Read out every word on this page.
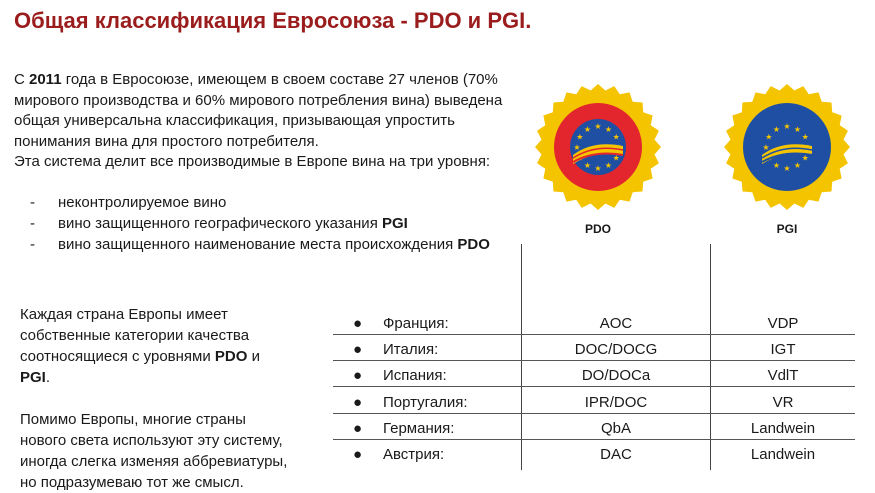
Общая классификация Евросоюза - PDO и PGI.

С 2011 года в Евросоюзе, имеющем в своем составе 27 членов (70% мирового производства и 60% мирового потребления вина) выведена общая универсальна классификация, призывающая упростить понимания вина для простого потребителя.

Эта система делит все производимые в Европе вина на три уровня:

- неконтролируемое вино
- вино защищенного географического указания PGI
- вино защищенного наименование места происхождения PDO

Каждая страна Европы имеет собственные категории качества соотносящиеся с уровнями PDO и PGI.

Помимо Европы, многие страны нового света используют эту систему, иногда слегка изменяя аббревиатуры, но подразумеваю тот же смысл.

PROTECTED DESIGNATION OF ORIGIN
★ ★
★
★
★
★
★
★
★
★
PDO
PROTECTED GEOGRAPHICAL INDICATION
★ ★
★
★
★
★
★
★
★
★
PGI
● Франция:	AOC	VDP
● Италия:	DOC/DOCG	IGT
● Испания:	DO/DOCa	VdlT
● Португалия:	IPR/DOC	VR
● Германия:	QbA	Landwein
● Австрия:	DAC	Landwein
